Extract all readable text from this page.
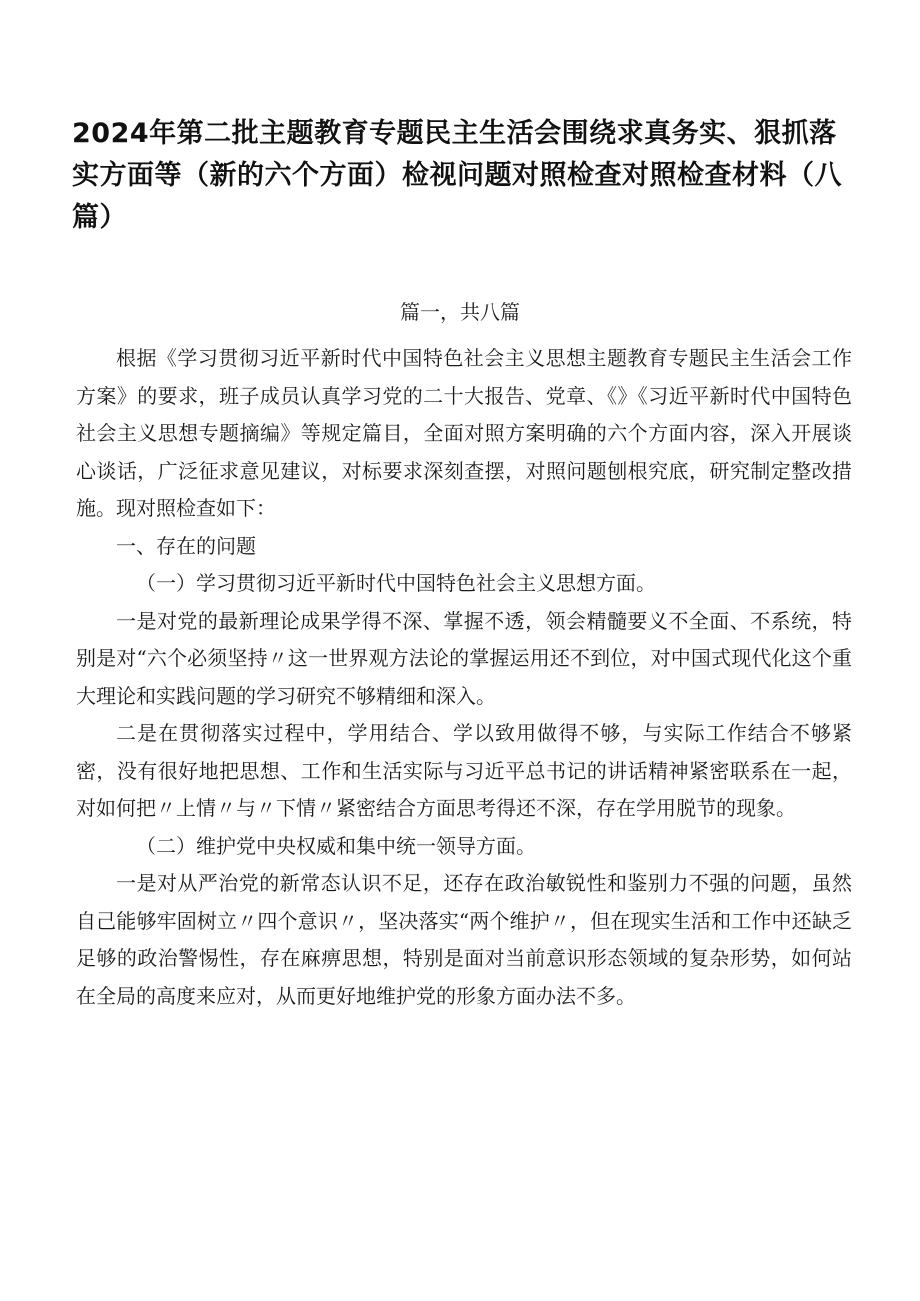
2024年第二批主题教育专题民主生活会围绕求真务实、狠抓落实方面等（新的六个方面）检视问题对照检查对照检查材料（八篇）
篇一，共八篇

根据《学习贯彻习近平新时代中国特色社会主义思想主题教育专题民主生活会工作方案》的要求，班子成员认真学习党的二十大报告、党章、《》《习近平新时代中国特色社会主义思想专题摘编》等规定篇目，全面对照方案明确的六个方面内容，深入开展谈心谈话，广泛征求意见建议，对标要求深刻查摆，对照问题刨根究底，研究制定整改措施。现对照检查如下：

一、存在的问题

（一）学习贯彻习近平新时代中国特色社会主义思想方面。

一是对党的最新理论成果学得不深、掌握不透，领会精髓要义不全面、不系统，特别是对“六个必须坚持〃这一世界观方法论的掌握运用还不到位，对中国式现代化这个重大理论和实践问题的学习研究不够精细和深入。

二是在贯彻落实过程中，学用结合、学以致用做得不够，与实际工作结合不够紧密，没有很好地把思想、工作和生活实际与习近平总书记的讲话精神紧密联系在一起，对如何把〃上情〃与〃下情〃紧密结合方面思考得还不深，存在学用脱节的现象。

（二）维护党中央权威和集中统一领导方面。

一是对从严治党的新常态认识不足，还存在政治敏锐性和鉴别力不强的问题，虽然自己能够牢固树立〃四个意识〃，坚决落实“两个维护〃，但在现实生活和工作中还缺乏足够的政治警惕性，存在麻痹思想，特别是面对当前意识形态领域的复杂形势，如何站在全局的高度来应对，从而更好地维护党的形象方面办法不多。
